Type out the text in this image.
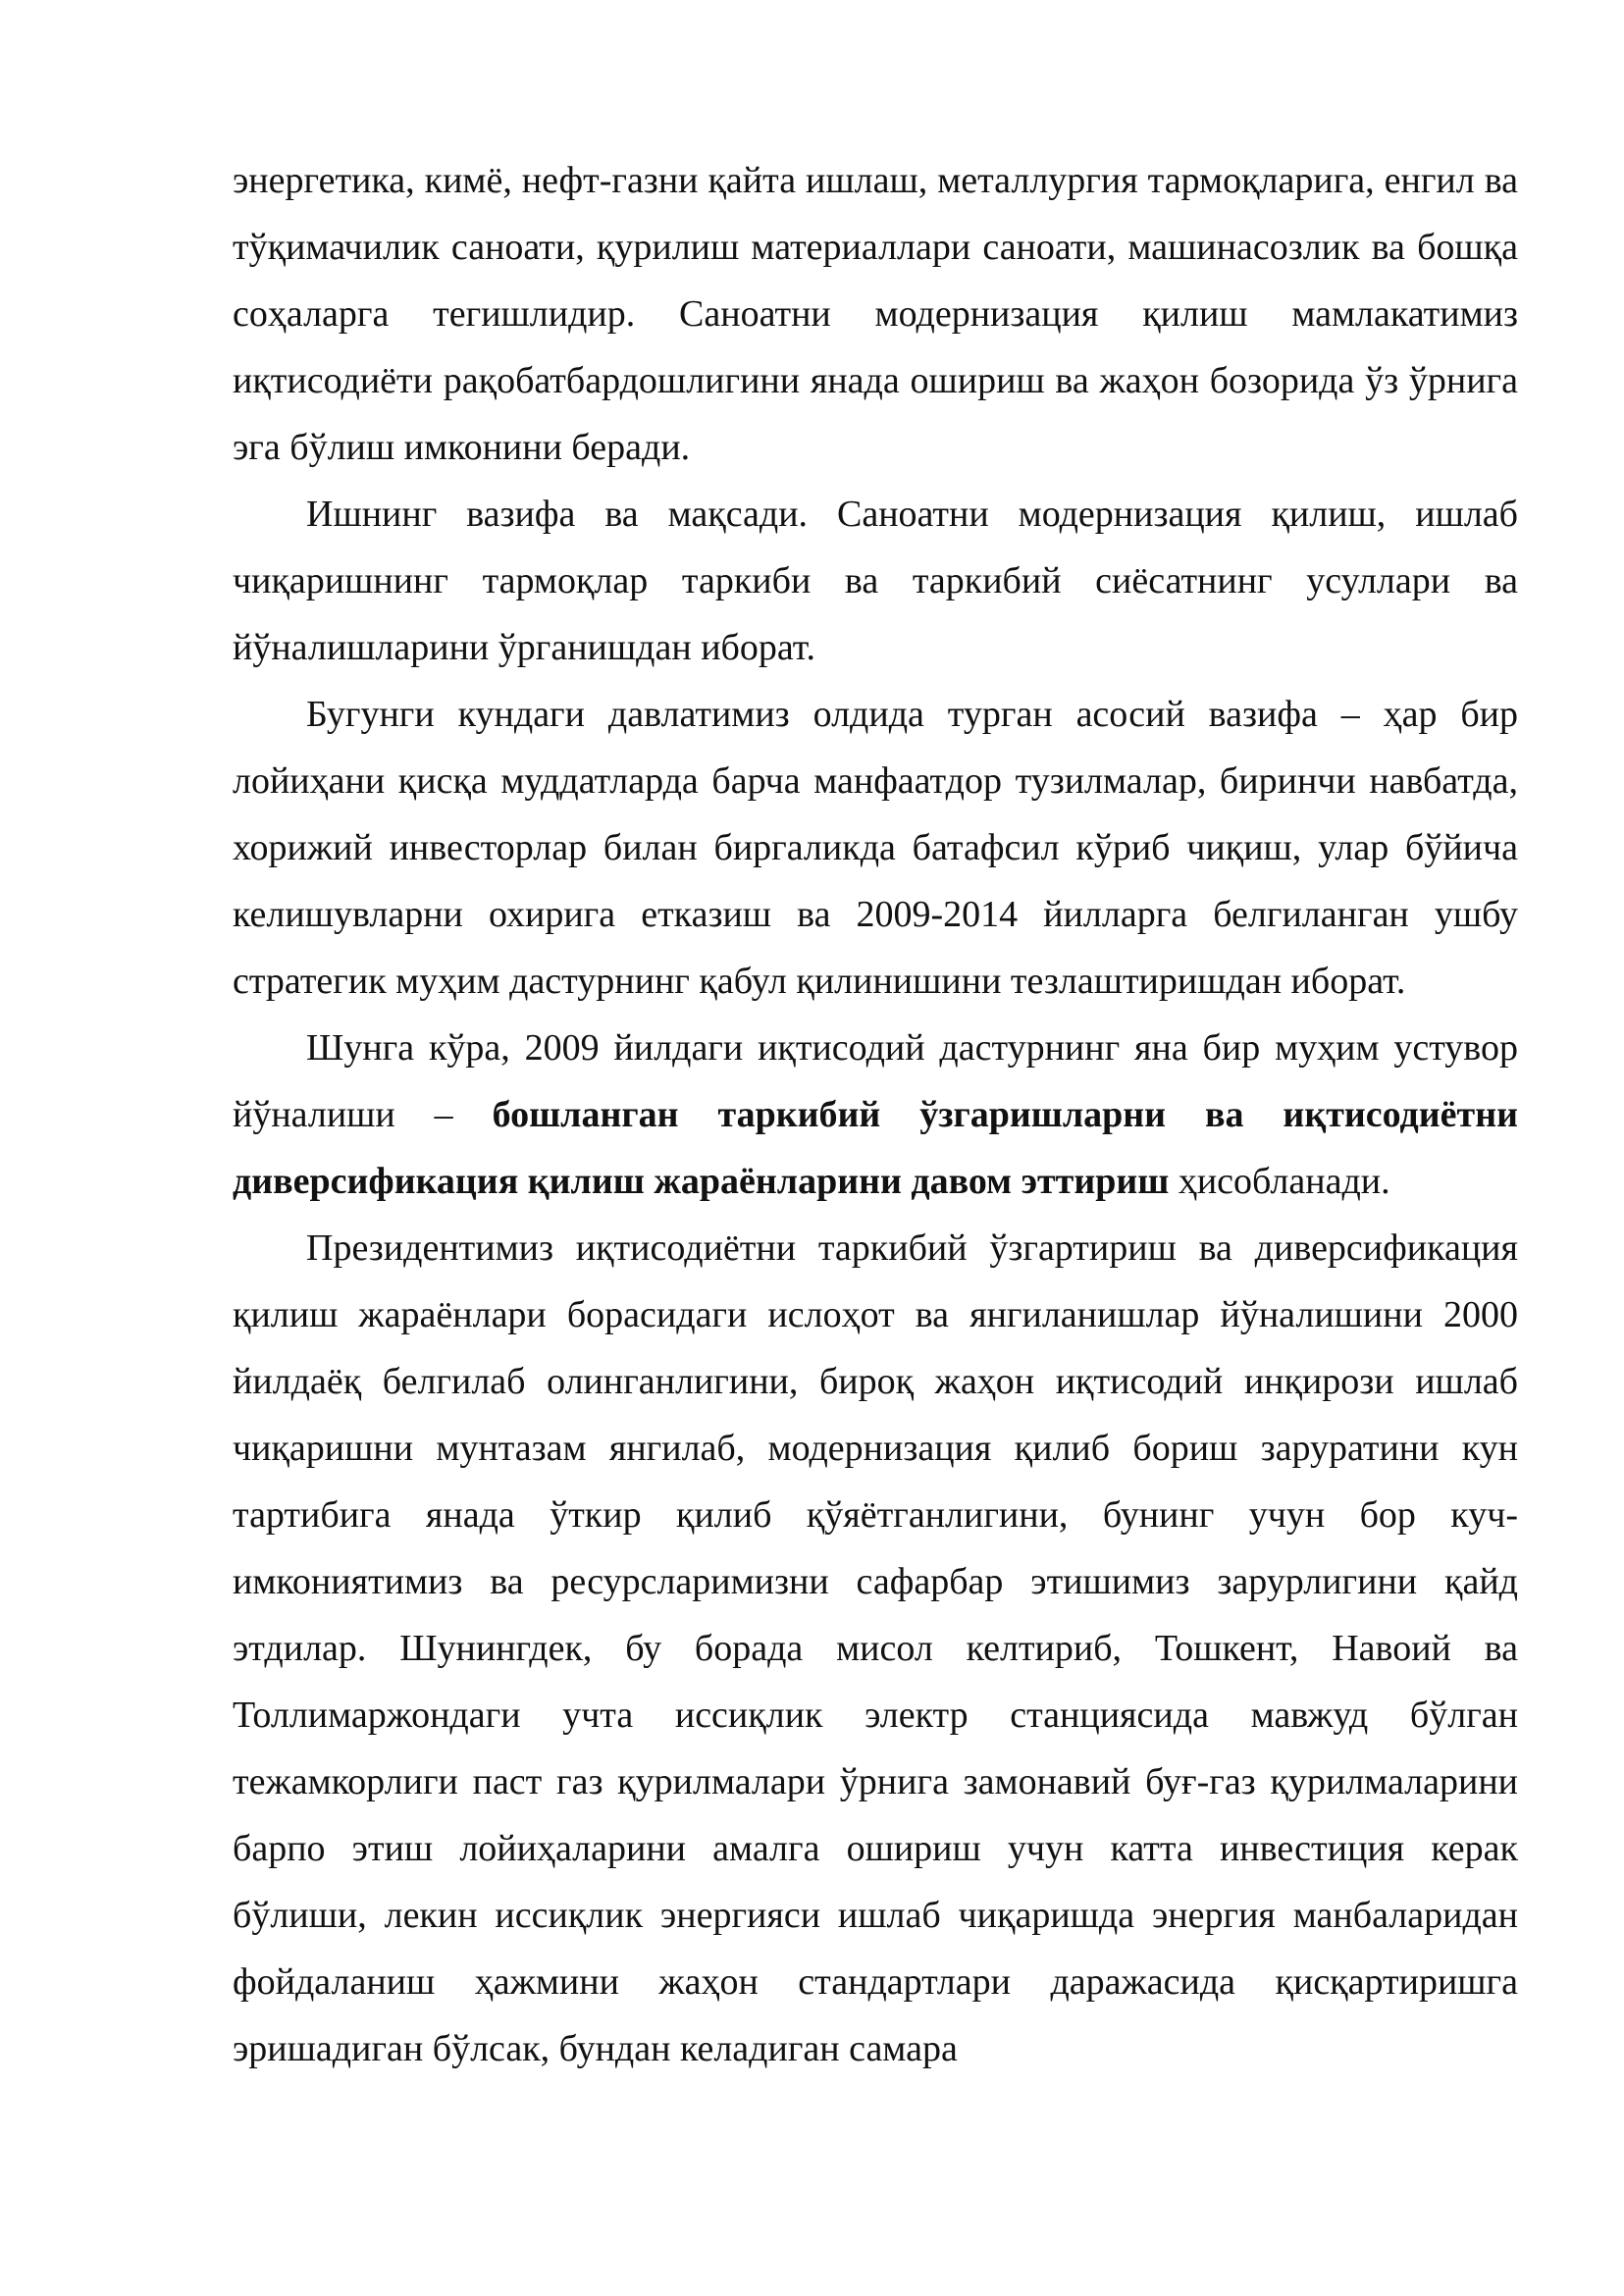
энергетика, кимё, нефт-газни қайта ишлаш, металлургия тармоқларига, енгил ва тўқимачилик саноати, қурилиш материаллари саноати, машинасозлик ва бошқа соҳаларга тегишлидир. Саноатни модернизация қилиш мамлакатимиз иқтисодиёти рақобатбардошлигини янада ошириш ва жаҳон бозорида ўз ўрнига эга бўлиш имконини беради.

Ишнинг вазифа ва мақсади. Саноатни модернизация қилиш, ишлаб чиқаришнинг тармоқлар таркиби ва таркибий сиёсатнинг усуллари ва йўналишларини ўрганишдан иборат.

Бугунги кундаги давлатимиз олдида турган асосий вазифа – ҳар бир лойиҳани қисқа муддатларда барча манфаатдор тузилмалар, биринчи навбатда, хорижий инвесторлар билан биргаликда батафсил кўриб чиқиш, улар бўйича келишувларни охирига етказиш ва 2009-2014 йилларга белгиланган ушбу стратегик муҳим дастурнинг қабул қилинишини тезлаштиришдан иборат.

Шунга кўра, 2009 йилдаги иқтисодий дастурнинг яна бир муҳим устувор йўналиши – бошланган таркибий ўзгаришларни ва иқтисодиётни диверсификация қилиш жараёнларини давом эттириш ҳисобланади.

Президентимиз иқтисодиётни таркибий ўзгартириш ва диверсификация қилиш жараёнлари борасидаги ислоҳот ва янгиланишлар йўналишини 2000 йилдаёқ белгилаб олинганлигини, бироқ жаҳон иқтисодий инқирози ишлаб чиқаришни мунтазам янгилаб, модернизация қилиб бориш заруратини кун тартибига янада ўткир қилиб қўяётганлигини, бунинг учун бор куч-имкониятимиз ва ресурсларимизни сафарбар этишимиз зарурлигини қайд этдилар. Шунингдек, бу борада мисол келтириб, Тошкент, Навоий ва Толлимаржондаги учта иссиқлик электр станциясида мавжуд бўлган тежамкорлиги паст газ қурилмалари ўрнига замонавий буғ-газ қурилмаларини барпо этиш лойиҳаларини амалга ошириш учун катта инвестиция керак бўлиши, лекин иссиқлик энергияси ишлаб чиқаришда энергия манбаларидан фойдаланиш ҳажмини жаҳон стандартлари даражасида қисқартиришга эришадиган бўлсак, бундан келадиган самара
